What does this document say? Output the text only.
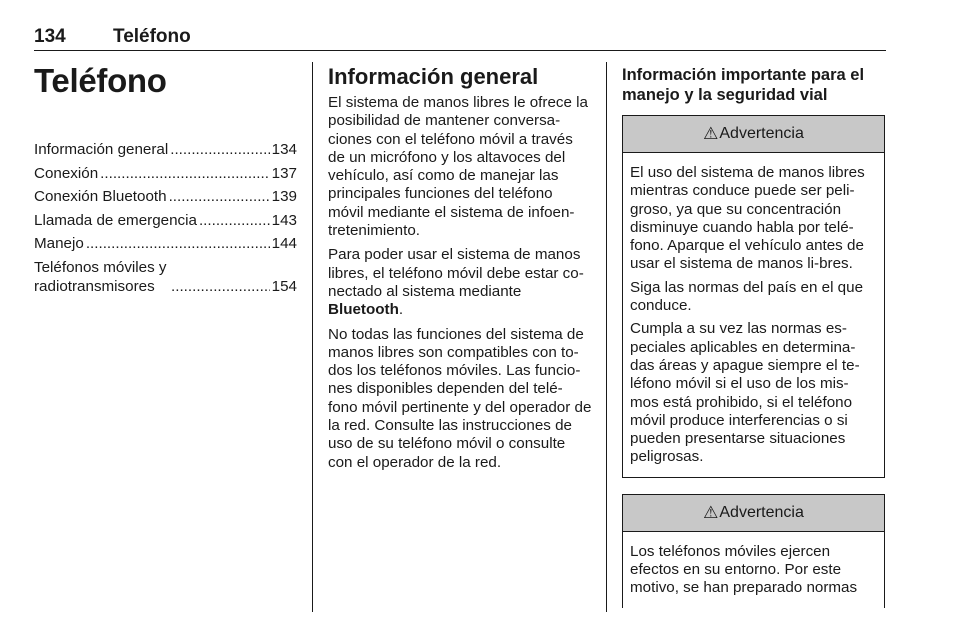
134 Teléfono
Teléfono
Información general .....	134
Conexión .....	137
Conexión Bluetooth .....	139
Llamada de emergencia .....	143
Manejo .....	144
Teléfonos móviles y radiotransmisores .....	154
Información general

El sistema de manos libres le ofrece la posibilidad de mantener conversa-ciones con el teléfono móvil a través de un micrófono y los altavoces del vehículo, así como de manejar las principales funciones del teléfono móvil mediante el sistema de infoen-tretenimiento.

Para poder usar el sistema de manos libres, el teléfono móvil debe estar co-nectado al sistema mediante Bluetooth.

No todas las funciones del sistema de manos libres son compatibles con to-dos los teléfonos móviles. Las funcio-nes disponibles dependen del telé-fono móvil pertinente y del operador de la red. Consulte las instrucciones de uso de su teléfono móvil o consulte con el operador de la red.

Información importante para el manejo y la seguridad vial
⚠ Advertencia

El uso del sistema de manos libres mientras conduce puede ser peli-groso, ya que su concentración disminuye cuando habla por telé-fono. Aparque el vehículo antes de usar el sistema de manos li-bres.

Siga las normas del país en el que conduce.

Cumpla a su vez las normas es-peciales aplicables en determina-das áreas y apague siempre el te-léfono móvil si el uso de los mis-mos está prohibido, si el teléfono móvil produce interferencias o si pueden presentarse situaciones peligrosas.

⚠ Advertencia

Los teléfonos móviles ejercen efectos en su entorno. Por este motivo, se han preparado normas
